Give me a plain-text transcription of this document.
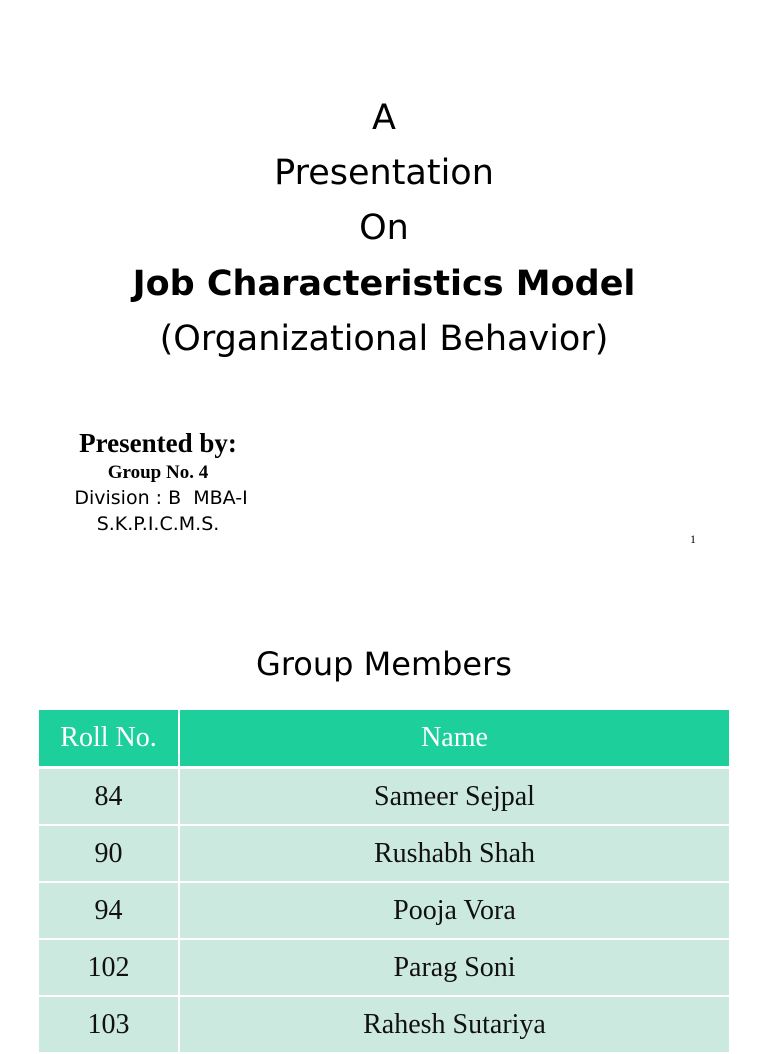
A
Presentation
On
Job Characteristics Model
(Organizational Behavior)
Presented by:
Group No. 4
Division : B  MBA-I
S.K.P.I.C.M.S.
1
Group Members
Roll No.	Name
84	Sameer Sejpal
90	Rushabh Shah
94	Pooja Vora
102	Parag Soni
103	Rahesh Sutariya
